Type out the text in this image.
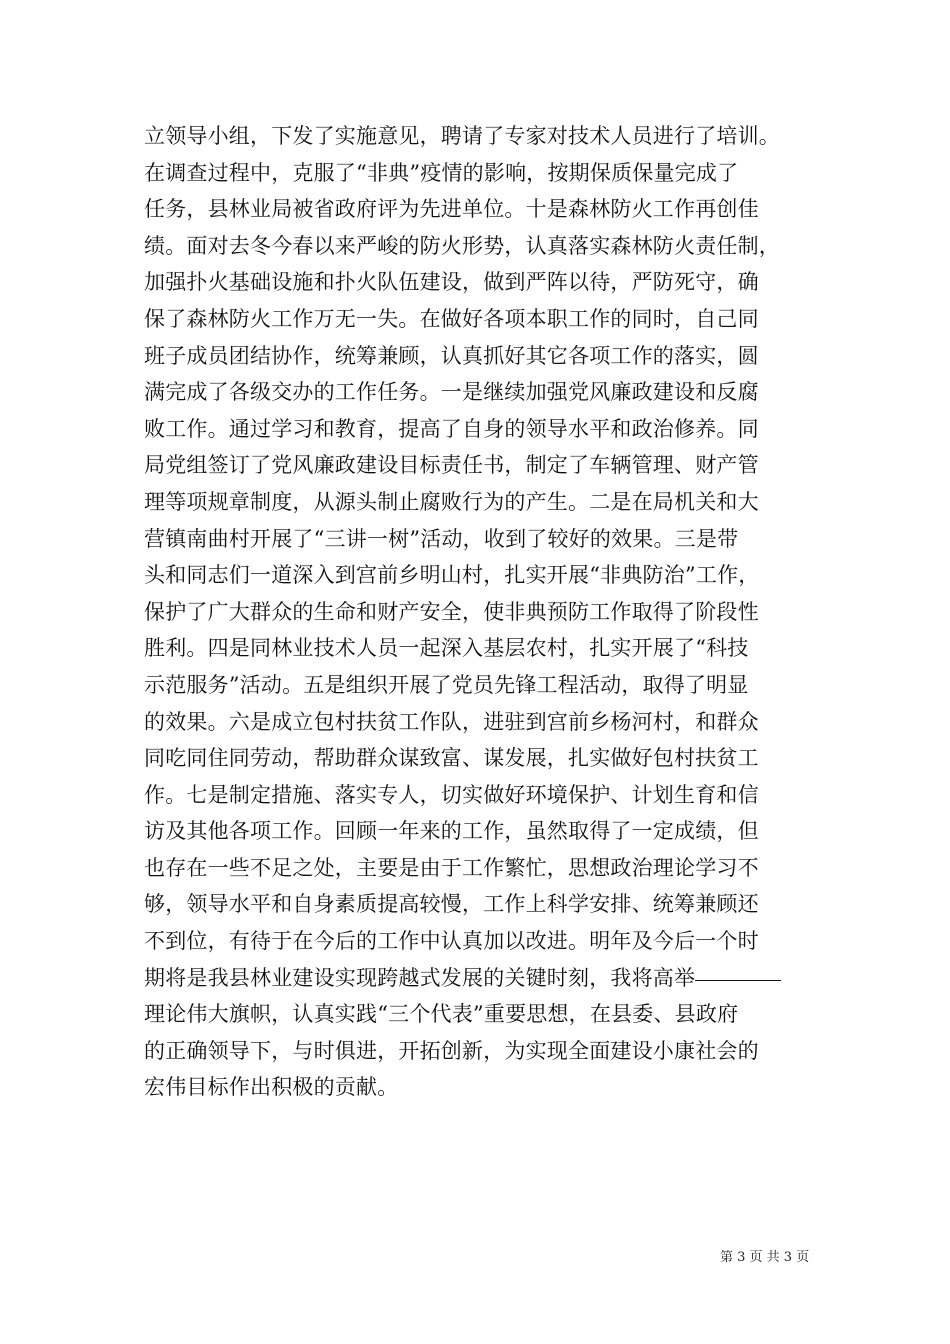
立领导小组，下发了实施意见，聘请了专家对技术人员进行了培训。
在调查过程中，克服了“非典”疫情的影响，按期保质保量完成了
任务，县林业局被省政府评为先进单位。十是森林防火工作再创佳
绩。面对去冬今春以来严峻的防火形势，认真落实森林防火责任制，
加强扑火基础设施和扑火队伍建设，做到严阵以待，严防死守，确
保了森林防火工作万无一失。在做好各项本职工作的同时，自己同
班子成员团结协作，统筹兼顾，认真抓好其它各项工作的落实，圆
满完成了各级交办的工作任务。一是继续加强党风廉政建设和反腐
败工作。通过学习和教育，提高了自身的领导水平和政治修养。同
局党组签订了党风廉政建设目标责任书，制定了车辆管理、财产管
理等项规章制度，从源头制止腐败行为的产生。二是在局机关和大
营镇南曲村开展了“三讲一树”活动，收到了较好的效果。三是带
头和同志们一道深入到宫前乡明山村，扎实开展“非典防治”工作，
保护了广大群众的生命和财产安全，使非典预防工作取得了阶段性
胜利。四是同林业技术人员一起深入基层农村，扎实开展了“科技
示范服务”活动。五是组织开展了党员先锋工程活动，取得了明显
的效果。六是成立包村扶贫工作队，进驻到宫前乡杨河村，和群众
同吃同住同劳动，帮助群众谋致富、谋发展，扎实做好包村扶贫工
作。七是制定措施、落实专人，切实做好环境保护、计划生育和信
访及其他各项工作。回顾一年来的工作，虽然取得了一定成绩，但
也存在一些不足之处，主要是由于工作繁忙，思想政治理论学习不
够，领导水平和自身素质提高较慢，工作上科学安排、统筹兼顾还
不到位，有待于在今后的工作中认真加以改进。明年及今后一个时
期将是我县林业建设实现跨越式发展的关键时刻，我将高举
理论伟大旗帜，认真实践“三个代表”重要思想，在县委、县政府
的正确领导下，与时俱进，开拓创新，为实现全面建设小康社会的
宏伟目标作出积极的贡献。
第 3 页 共 3 页
